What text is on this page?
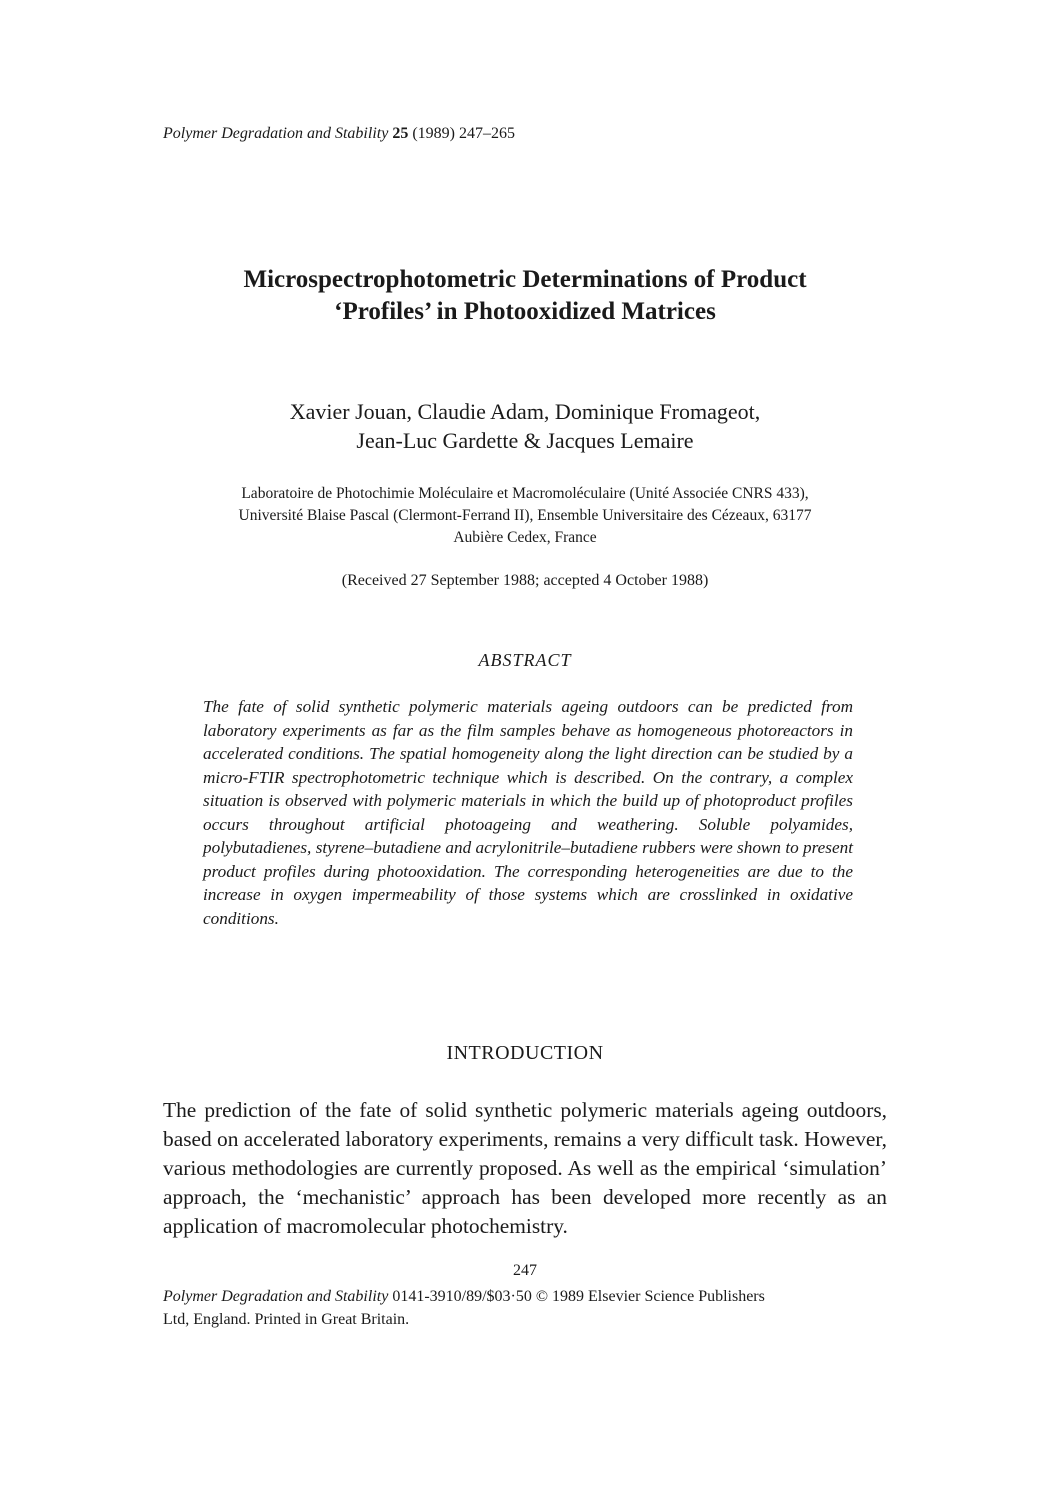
Polymer Degradation and Stability 25 (1989) 247–265
Microspectrophotometric Determinations of Product
‘Profiles’ in Photooxidized Matrices
Xavier Jouan, Claudie Adam, Dominique Fromageot,
Jean-Luc Gardette & Jacques Lemaire
Laboratoire de Photochimie Moléculaire et Macromoléculaire (Unité Associée CNRS 433),
Université Blaise Pascal (Clermont-Ferrand II), Ensemble Universitaire des Cézeaux, 63177
Aubière Cedex, France
(Received 27 September 1988; accepted 4 October 1988)
ABSTRACT
The fate of solid synthetic polymeric materials ageing outdoors can be predicted from laboratory experiments as far as the film samples behave as homogeneous photoreactors in accelerated conditions. The spatial homogeneity along the light direction can be studied by a micro-FTIR spectrophotometric technique which is described. On the contrary, a complex situation is observed with polymeric materials in which the build up of photoproduct profiles occurs throughout artificial photoageing and weathering. Soluble polyamides, polybutadienes, styrene–butadiene and acrylonitrile–butadiene rubbers were shown to present product profiles during photooxidation. The corresponding heterogeneities are due to the increase in oxygen impermeability of those systems which are crosslinked in oxidative conditions.
INTRODUCTION
The prediction of the fate of solid synthetic polymeric materials ageing outdoors, based on accelerated laboratory experiments, remains a very difficult task. However, various methodologies are currently proposed. As well as the empirical ‘simulation’ approach, the ‘mechanistic’ approach has been developed more recently as an application of macromolecular photochemistry.
247
Polymer Degradation and Stability 0141-3910/89/$03·50 © 1989 Elsevier Science Publishers
Ltd, England. Printed in Great Britain.
